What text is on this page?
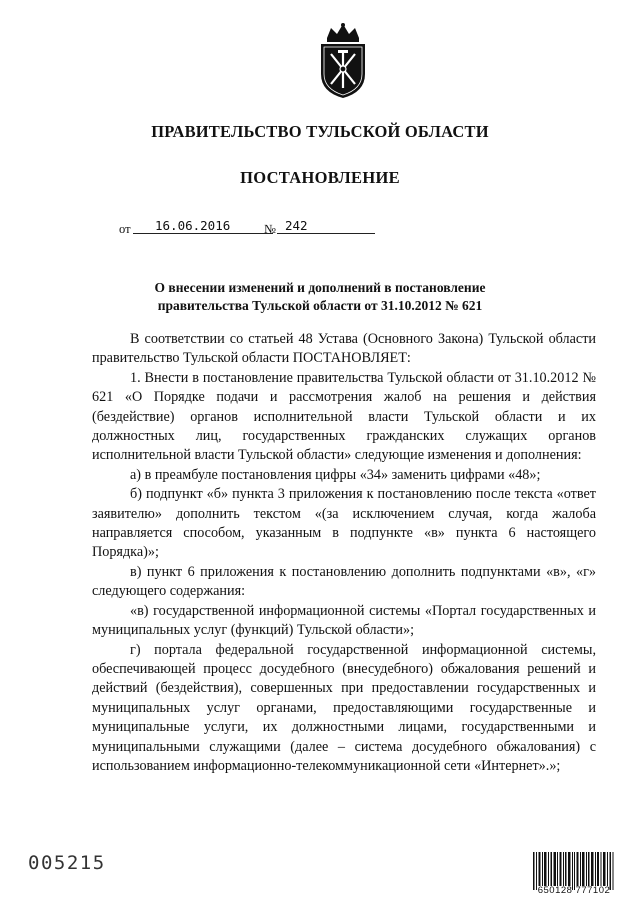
ПРАВИТЕЛЬСТВО ТУЛЬСКОЙ ОБЛАСТИ
ПОСТАНОВЛЕНИЕ
от	16.06.2016	№ 242
О внесении изменений и дополнений в постановление
правительства Тульской области от 31.10.2012 № 621

В соответствии со статьей 48 Устава (Основного Закона) Тульской области правительство Тульской области ПОСТАНОВЛЯЕТ:

1. Внести в постановление правительства Тульской области от 31.10.2012 № 621 «О Порядке подачи и рассмотрения жалоб на решения и действия (бездействие) органов исполнительной власти Тульской области и их должностных лиц, государственных гражданских служащих органов исполнительной власти Тульской области» следующие изменения и дополнения:

а) в преамбуле постановления цифры «34» заменить цифрами «48»;

б) подпункт «б» пункта 3 приложения к постановлению после текста «ответ заявителю» дополнить текстом «(за исключением случая, когда жалоба направляется способом, указанным в подпункте «в» пункта 6 настоящего Порядка)»;

в) пункт 6 приложения к постановлению дополнить подпунктами «в», «г» следующего содержания:

«в) государственной информационной системы «Портал государственных и муниципальных услуг (функций) Тульской области»;

г) портала федеральной государственной информационной системы, обеспечивающей процесс досудебного (внесудебного) обжалования решений и действий (бездействия), совершенных при предоставлении государственных и муниципальных услуг органами, предоставляющими государственные и муниципальные услуги, их должностными лицами, государственными и муниципальными служащими (далее – система досудебного обжалования) с использованием информационно-телекоммуникационной сети «Интернет».»;

005215
650128 777102
